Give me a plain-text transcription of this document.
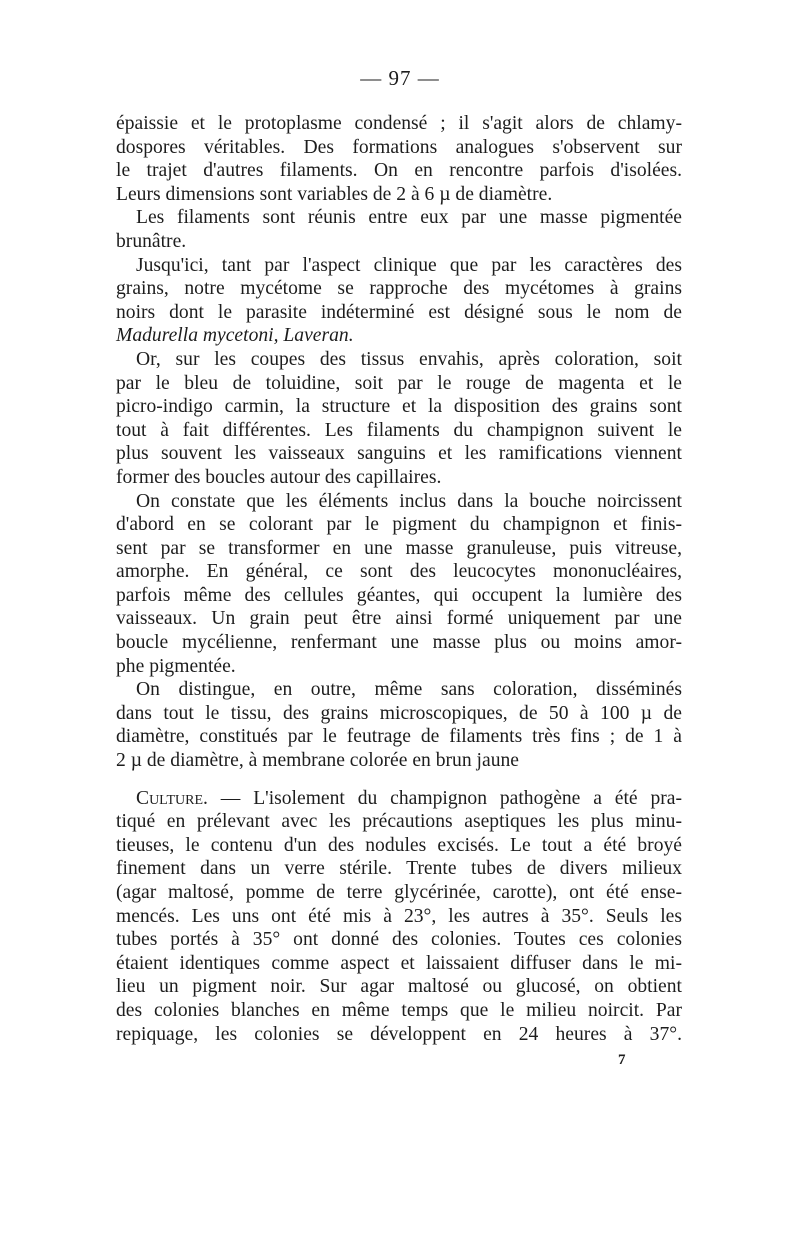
— 97 —
épaissie et le protoplasme condensé ; il s'agit alors de chlamy-
dospores véritables. Des formations analogues s'observent sur
le trajet d'autres filaments. On en rencontre parfois d'isolées.
Leurs dimensions sont variables de 2 à 6 µ de diamètre.
Les filaments sont réunis entre eux par une masse pigmentée
brunâtre.
Jusqu'ici, tant par l'aspect clinique que par les caractères des
grains, notre mycétome se rapproche des mycétomes à grains
noirs dont le parasite indéterminé est désigné sous le nom de
Madurella mycetoni, Laveran.
Or, sur les coupes des tissus envahis, après coloration, soit
par le bleu de toluidine, soit par le rouge de magenta et le
picro-indigo carmin, la structure et la disposition des grains sont
tout à fait différentes. Les filaments du champignon suivent le
plus souvent les vaisseaux sanguins et les ramifications viennent
former des boucles autour des capillaires.
On constate que les éléments inclus dans la bouche noircissent
d'abord en se colorant par le pigment du champignon et finis-
sent par se transformer en une masse granuleuse, puis vitreuse,
amorphe. En général, ce sont des leucocytes mononucléaires,
parfois même des cellules géantes, qui occupent la lumière des
vaisseaux. Un grain peut être ainsi formé uniquement par une
boucle mycélienne, renfermant une masse plus ou moins amor-
phe pigmentée.
On distingue, en outre, même sans coloration, disséminés
dans tout le tissu, des grains microscopiques, de 50 à 100 µ de
diamètre, constitués par le feutrage de filaments très fins ; de 1 à
2 µ de diamètre, à membrane colorée en brun jaune
Culture. — L'isolement du champignon pathogène a été pra-
tiqué en prélevant avec les précautions aseptiques les plus minu-
tieuses, le contenu d'un des nodules excisés. Le tout a été broyé
finement dans un verre stérile. Trente tubes de divers milieux
(agar maltosé, pomme de terre glycérinée, carotte), ont été ense-
mencés. Les uns ont été mis à 23°, les autres à 35°. Seuls les
tubes portés à 35° ont donné des colonies. Toutes ces colonies
étaient identiques comme aspect et laissaient diffuser dans le mi-
lieu un pigment noir. Sur agar maltosé ou glucosé, on obtient
des colonies blanches en même temps que le milieu noircit. Par
repiquage, les colonies se développent en 24 heures à 37°.
7
